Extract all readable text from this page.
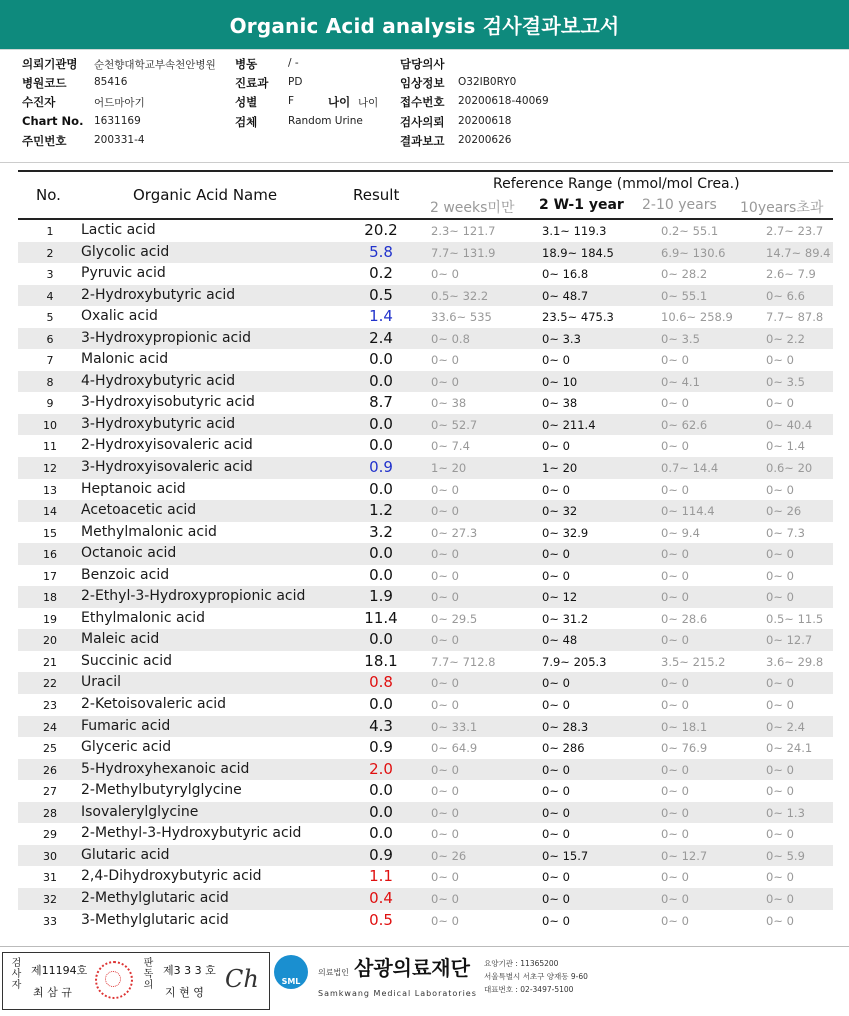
Organic Acid analysis 검사결과보고서
의뢰기관명 순천향대학교부속천안병원
병원코드	85416
수진자	어드마아기
Chart No. 1631169
주민번호	200331-4
병동	/ -
진료과 PD
성별	F	나이 나이
검체	Random Urine
담당의사
임상정보 O32IB0RY0
접수번호 20200618-40069
검사의뢰 20200618
결과보고 20200626
No.	Organic Acid Name	Result
Reference Range (mmol/mol Crea.)
2 weeks미만 2 W-1 year 2-10 years 10years초과
1	Lactic acid	20.2	2.3~ 121.7	3.1~ 119.3	0.2~ 55.1	2.7~ 23.7
2	Glycolic acid	5.8	7.7~ 131.9	18.9~ 184.5	6.9~ 130.6	14.7~ 89.4
3	Pyruvic acid	0.2	0~ 0	0~ 16.8	0~ 28.2	2.6~ 7.9
4	2-Hydroxybutyric acid	0.5	0.5~ 32.2	0~ 48.7	0~ 55.1	0~ 6.6
5	Oxalic acid	1.4	33.6~ 535	23.5~ 475.3	10.6~ 258.9	7.7~ 87.8
6	3-Hydroxypropionic acid	2.4	0~ 0.8	0~ 3.3	0~ 3.5	0~ 2.2
7	Malonic acid	0.0	0~ 0	0~ 0	0~ 0	0~ 0
8	4-Hydroxybutyric acid	0.0	0~ 0	0~ 10	0~ 4.1	0~ 3.5
9	3-Hydroxyisobutyric acid	8.7	0~ 38	0~ 38	0~ 0	0~ 0
10	3-Hydroxybutyric acid	0.0	0~ 52.7	0~ 211.4	0~ 62.6	0~ 40.4
11	2-Hydroxyisovaleric acid	0.0	0~ 7.4	0~ 0	0~ 0	0~ 1.4
12	3-Hydroxyisovaleric acid	0.9	1~ 20	1~ 20	0.7~ 14.4	0.6~ 20
13	Heptanoic acid	0.0	0~ 0	0~ 0	0~ 0	0~ 0
14	Acetoacetic acid	1.2	0~ 0	0~ 32	0~ 114.4	0~ 26
15	Methylmalonic acid	3.2	0~ 27.3	0~ 32.9	0~ 9.4	0~ 7.3
16	Octanoic acid	0.0	0~ 0	0~ 0	0~ 0	0~ 0
17	Benzoic acid	0.0	0~ 0	0~ 0	0~ 0	0~ 0
18	2-Ethyl-3-Hydroxypropionic acid	1.9	0~ 0	0~ 12	0~ 0	0~ 0
19	Ethylmalonic acid	11.4	0~ 29.5	0~ 31.2	0~ 28.6	0.5~ 11.5
20	Maleic acid	0.0	0~ 0	0~ 48	0~ 0	0~ 12.7
21	Succinic acid	18.1	7.7~ 712.8	7.9~ 205.3	3.5~ 215.2	3.6~ 29.8
22	Uracil	0.8	0~ 0	0~ 0	0~ 0	0~ 0
23	2-Ketoisovaleric acid	0.0	0~ 0	0~ 0	0~ 0	0~ 0
24	Fumaric acid	4.3	0~ 33.1	0~ 28.3	0~ 18.1	0~ 2.4
25	Glyceric acid	0.9	0~ 64.9	0~ 286	0~ 76.9	0~ 24.1
26	5-Hydroxyhexanoic acid	2.0	0~ 0	0~ 0	0~ 0	0~ 0
27	2-Methylbutyrylglycine	0.0	0~ 0	0~ 0	0~ 0	0~ 0
28	Isovalerylglycine	0.0	0~ 0	0~ 0	0~ 0	0~ 1.3
29	2-Methyl-3-Hydroxybutyric acid	0.0	0~ 0	0~ 0	0~ 0	0~ 0
30	Glutaric acid	0.9	0~ 26	0~ 15.7	0~ 12.7	0~ 5.9
31	2,4-Dihydroxybutyric acid	1.1	0~ 0	0~ 0	0~ 0	0~ 0
32	2-Methylglutaric acid	0.4	0~ 0	0~ 0	0~ 0	0~ 0
33	3-Methylglutaric acid	0.5	0~ 0	0~ 0	0~ 0	0~ 0
검사자 제11194호
최 삼 규
판독의 제3 3 3 호
지 현 영 Ch	SML
의료법인 삼광의료재단
Samkwang Medical Laboratories
요양기관 : 11365200
서울특별시 서초구 양재동 9-60
대표번호 : 02-3497-5100
